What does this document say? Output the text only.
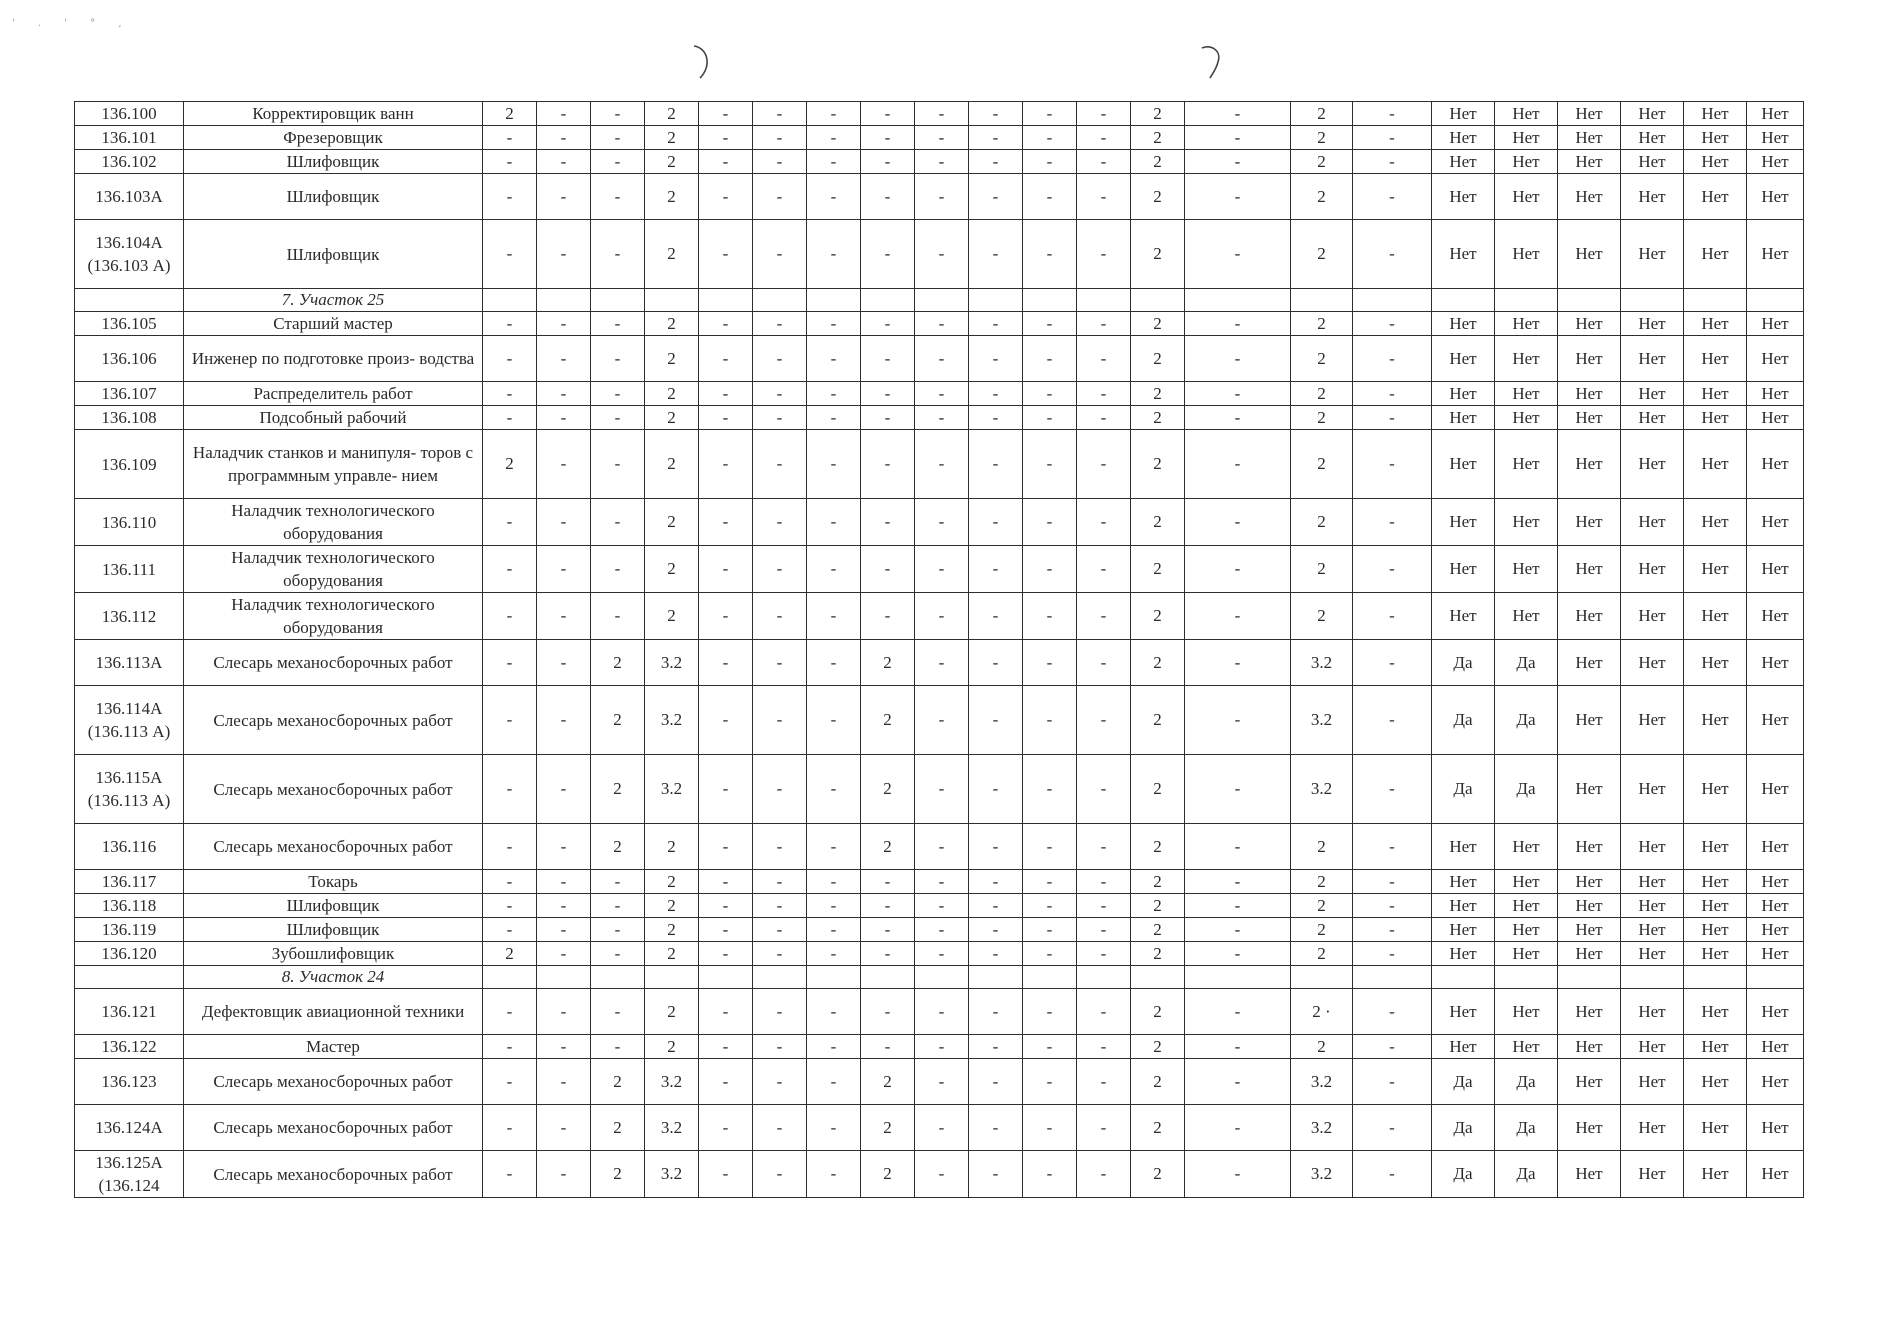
' . ' ° ,
136.100	Корректировщик ванн	2	-	-	2	-	-	-	-	-	-	-	-	2	-	2	-	Нет	Нет	Нет	Нет	Нет	Нет
136.101	Фрезеровщик	-	-	-	2	-	-	-	-	-	-	-	-	2	-	2	-	Нет	Нет	Нет	Нет	Нет	Нет
136.102	Шлифовщик	-	-	-	2	-	-	-	-	-	-	-	-	2	-	2	-	Нет	Нет	Нет	Нет	Нет	Нет
136.103А	Шлифовщик	-	-	-	2	-	-	-	-	-	-	-	-	2	-	2	-	Нет	Нет	Нет	Нет	Нет	Нет
136.104А (136.103 А)	Шлифовщик	-	-	-	2	-	-	-	-	-	-	-	-	2	-	2	-	Нет	Нет	Нет	Нет	Нет	Нет
	7. Участок 25																						
136.105	Старший мастер	-	-	-	2	-	-	-	-	-	-	-	-	2	-	2	-	Нет	Нет	Нет	Нет	Нет	Нет
136.106	Инженер по подготовке произ- водства	-	-	-	2	-	-	-	-	-	-	-	-	2	-	2	-	Нет	Нет	Нет	Нет	Нет	Нет
136.107	Распределитель работ	-	-	-	2	-	-	-	-	-	-	-	-	2	-	2	-	Нет	Нет	Нет	Нет	Нет	Нет
136.108	Подсобный рабочий	-	-	-	2	-	-	-	-	-	-	-	-	2	-	2	-	Нет	Нет	Нет	Нет	Нет	Нет
136.109	Наладчик станков и манипуля- торов с программным управле- нием	2	-	-	2	-	-	-	-	-	-	-	-	2	-	2	-	Нет	Нет	Нет	Нет	Нет	Нет
136.110	Наладчик технологического оборудования	-	-	-	2	-	-	-	-	-	-	-	-	2	-	2	-	Нет	Нет	Нет	Нет	Нет	Нет
136.111	Наладчик технологического оборудования	-	-	-	2	-	-	-	-	-	-	-	-	2	-	2	-	Нет	Нет	Нет	Нет	Нет	Нет
136.112	Наладчик технологического оборудования	-	-	-	2	-	-	-	-	-	-	-	-	2	-	2	-	Нет	Нет	Нет	Нет	Нет	Нет
136.113А	Слесарь механосборочных работ	-	-	2	3.2	-	-	-	2	-	-	-	-	2	-	3.2	-	Да	Да	Нет	Нет	Нет	Нет
136.114А (136.113 А)	Слесарь механосборочных работ	-	-	2	3.2	-	-	-	2	-	-	-	-	2	-	3.2	-	Да	Да	Нет	Нет	Нет	Нет
136.115А (136.113 А)	Слесарь механосборочных работ	-	-	2	3.2	-	-	-	2	-	-	-	-	2	-	3.2	-	Да	Да	Нет	Нет	Нет	Нет
136.116	Слесарь механосборочных работ	-	-	2	2	-	-	-	2	-	-	-	-	2	-	2	-	Нет	Нет	Нет	Нет	Нет	Нет
136.117	Токарь	-	-	-	2	-	-	-	-	-	-	-	-	2	-	2	-	Нет	Нет	Нет	Нет	Нет	Нет
136.118	Шлифовщик	-	-	-	2	-	-	-	-	-	-	-	-	2	-	2	-	Нет	Нет	Нет	Нет	Нет	Нет
136.119	Шлифовщик	-	-	-	2	-	-	-	-	-	-	-	-	2	-	2	-	Нет	Нет	Нет	Нет	Нет	Нет
136.120	Зубошлифовщик	2	-	-	2	-	-	-	-	-	-	-	-	2	-	2	-	Нет	Нет	Нет	Нет	Нет	Нет
	8. Участок 24																						
136.121	Дефектовщик авиационной техники	-	-	-	2	-	-	-	-	-	-	-	-	2	-	2 ·	-	Нет	Нет	Нет	Нет	Нет	Нет
136.122	Мастер	-	-	-	2	-	-	-	-	-	-	-	-	2	-	2	-	Нет	Нет	Нет	Нет	Нет	Нет
136.123	Слесарь механосборочных работ	-	-	2	3.2	-	-	-	2	-	-	-	-	2	-	3.2	-	Да	Да	Нет	Нет	Нет	Нет
136.124А	Слесарь механосборочных работ	-	-	2	3.2	-	-	-	2	-	-	-	-	2	-	3.2	-	Да	Да	Нет	Нет	Нет	Нет
136.125А (136.124	Слесарь механосборочных работ	-	-	2	3.2	-	-	-	2	-	-	-	-	2	-	3.2	-	Да	Да	Нет	Нет	Нет	Нет
